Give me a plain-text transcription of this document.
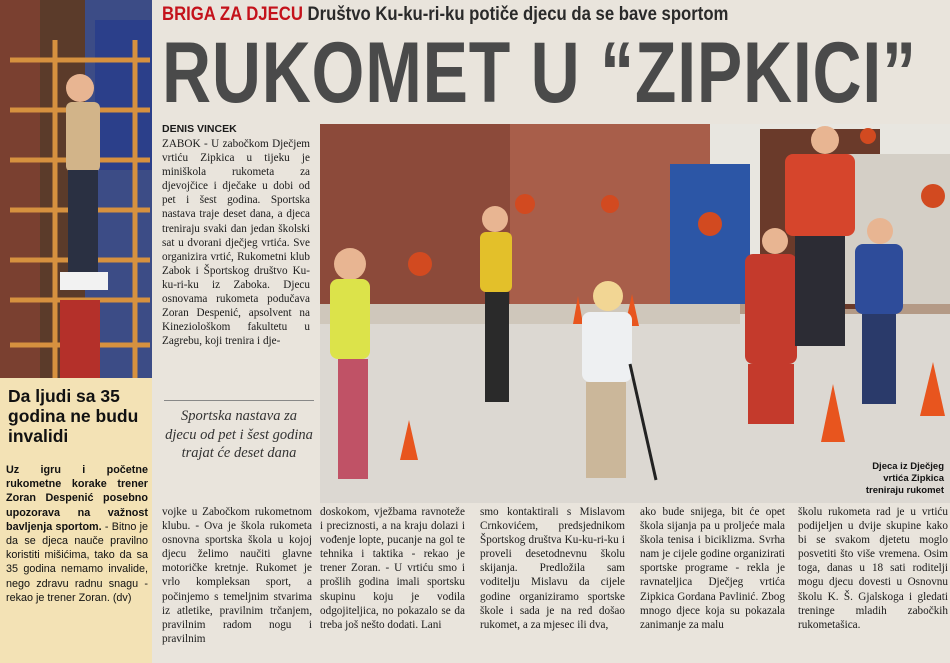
BRIGA ZA DJECU Društvo Ku-ku-ri-ku potiče djecu da se bave sportom
RUKOMET U “ZIPKICI”
Djeca iz Dječjeg
vrtića Zipkica
treniraju rukomet
DENIS VINCEK
ZABOK - U zabočkom Dječjem vrtiću Zipkica u tijeku je miniškola rukometa za djevojčice i dječake u dobi od pet i šest godina. Sportska nastava traje deset dana, a djeca treniraju svaki dan jedan školski sat u dvorani dječjeg vrtića. Sve organizira vrtić, Rukometni klub Zabok i Športskog društvo Ku-ku-ri-ku iz Zaboka. Djecu osnovama rukometa podučava Zoran Despenić, apsolvent na Kineziološkom fakultetu u Zagrebu, koji trenira i dje-
Sportska nastava za djecu od pet i šest godina trajat će deset dana
vojke u Zabočkom rukometnom klubu. - Ova je škola rukometa osnovna sportska škola u kojoj djecu želimo naučiti glavne motoričke kretnje. Rukomet je vrlo kompleksan sport, a počinjemo s temeljnim stvarima iz atletike, pravilnim trčanjem, pravilnim radom nogu i pravilnim
doskokom, vježbama ravnoteže i preciznosti, a na kraju dolazi i vođenje lopte, pucanje na gol te tehnika i taktika - rekao je trener Zoran. - U vrtiću smo i prošlih godina imali sportsku skupinu koju je vodila odgojiteljica, no pokazalo se da treba još nešto dodati. Lani
smo kontaktirali s Mislavom Crnkovićem, predsjednikom Športskog društva Ku-ku-ri-ku i proveli desetodnevnu školu skijanja. Predložila sam voditelju Mislavu da cijele godine organiziramo sportske škole i sada je na red došao rukomet, a za mjesec ili dva,
ako bude snijega, bit će opet škola sijanja pa u proljeće mala škola tenisa i biciklizma. Svrha nam je cijele godine organizirati sportske programe - rekla je ravnateljica Dječjeg vrtića Zipkica Gordana Pavlinić. Zbog mnogo djece koja su pokazala zanimanje za malu
školu rukometa rad je u vrtiću podijeljen u dvije skupine kako bi se svakom djetetu moglo posvetiti što više vremena. Osim toga, danas u 18 sati roditelji mogu djecu dovesti u Osnovnu školu K. Š. Gjalskoga i gledati treninge mladih zabočkih rukometašica.
Da ljudi sa 35 godina ne budu invalidi
Uz igru i početne rukometne korake trener Zoran Despenić posebno upozorava na važnost bavljenja sportom. - Bitno je da se djeca nauče pravilno koristiti mišićima, tako da sa 35 godina nemamo invalide, nego zdravu radnu snagu - rekao je trener Zoran. (dv)
